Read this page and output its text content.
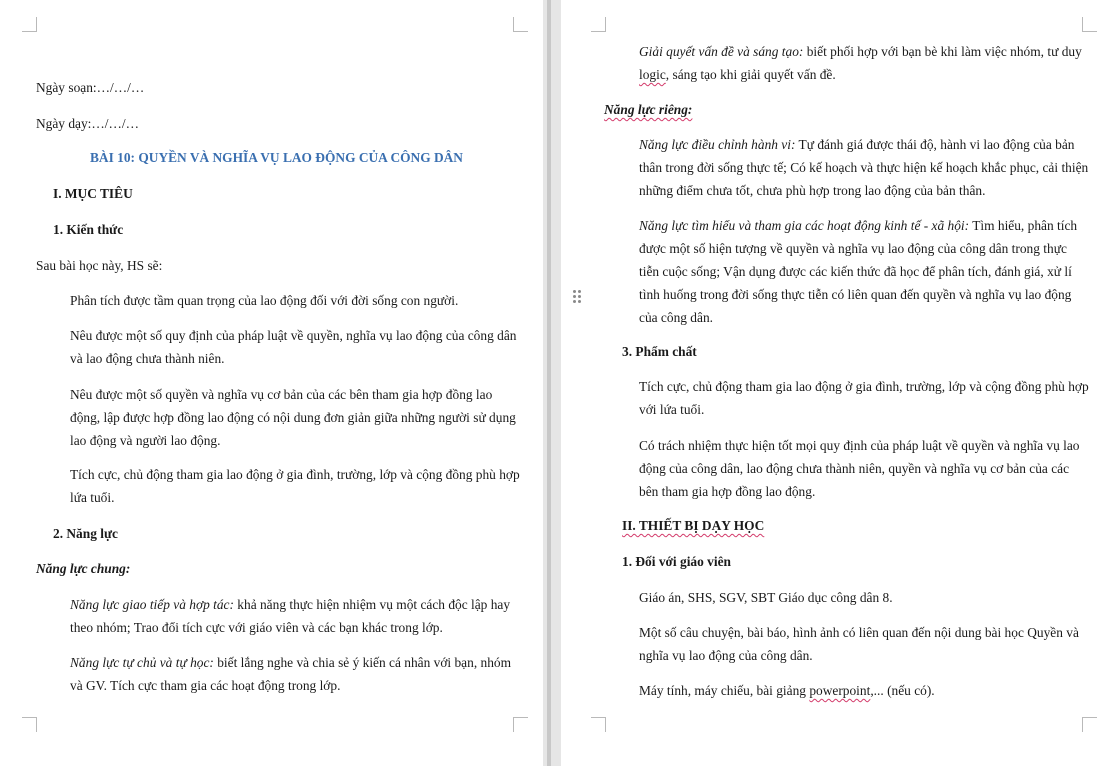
Ngày soạn:…/…/…

Ngày dạy:…/…/…

BÀI 10: QUYỀN VÀ NGHĨA VỤ LAO ĐỘNG CỦA CÔNG DÂN

I. MỤC TIÊU

1. Kiến thức

Sau bài học này, HS sẽ:

Phân tích được tầm quan trọng của lao động đối với đời sống con người.

Nêu được một số quy định của pháp luật về quyền, nghĩa vụ lao động của công dân và lao động chưa thành niên.

Nêu được một số quyền và nghĩa vụ cơ bản của các bên tham gia hợp đồng lao động, lập được hợp đồng lao động có nội dung đơn giản giữa những người sử dụng lao động và người lao động.

Tích cực, chủ động tham gia lao động ở gia đình, trường, lớp và cộng đồng phù hợp lứa tuổi.

2. Năng lực

Năng lực chung:

Năng lực giao tiếp và hợp tác: khả năng thực hiện nhiệm vụ một cách độc lập hay theo nhóm; Trao đổi tích cực với giáo viên và các bạn khác trong lớp.

Năng lực tự chủ và tự học: biết lắng nghe và chia sẻ ý kiến cá nhân với bạn, nhóm và GV. Tích cực tham gia các hoạt động trong lớp.

Giải quyết vấn đề và sáng tạo: biết phối hợp với bạn bè khi làm việc nhóm, tư duy logic, sáng tạo khi giải quyết vấn đề.

Năng lực riêng:

Năng lực điều chỉnh hành vi: Tự đánh giá được thái độ, hành vi lao động của bản thân trong đời sống thực tế; Có kế hoạch và thực hiện kế hoạch khắc phục, cải thiện những điểm chưa tốt, chưa phù hợp trong lao động của bản thân.

Năng lực tìm hiểu và tham gia các hoạt động kinh tế - xã hội: Tìm hiểu, phân tích được một số hiện tượng về quyền và nghĩa vụ lao động của công dân trong thực tiễn cuộc sống; Vận dụng được các kiến thức đã học để phân tích, đánh giá, xử lí tình huống trong đời sống thực tiễn có liên quan đến quyền và nghĩa vụ lao động của công dân.

3. Phẩm chất

Tích cực, chủ động tham gia lao động ở gia đình, trường, lớp và cộng đồng phù hợp với lứa tuổi.

Có trách nhiệm thực hiện tốt mọi quy định của pháp luật về quyền và nghĩa vụ lao động của công dân, lao động chưa thành niên, quyền và nghĩa vụ cơ bản của các bên tham gia hợp đồng lao động.

II. THIẾT BỊ DẠY HỌC

1. Đối với giáo viên

Giáo án, SHS, SGV, SBT Giáo dục công dân 8.

Một số câu chuyện, bài báo, hình ảnh có liên quan đến nội dung bài học Quyền và nghĩa vụ lao động của công dân.

Máy tính, máy chiếu, bài giảng powerpoint,... (nếu có).
